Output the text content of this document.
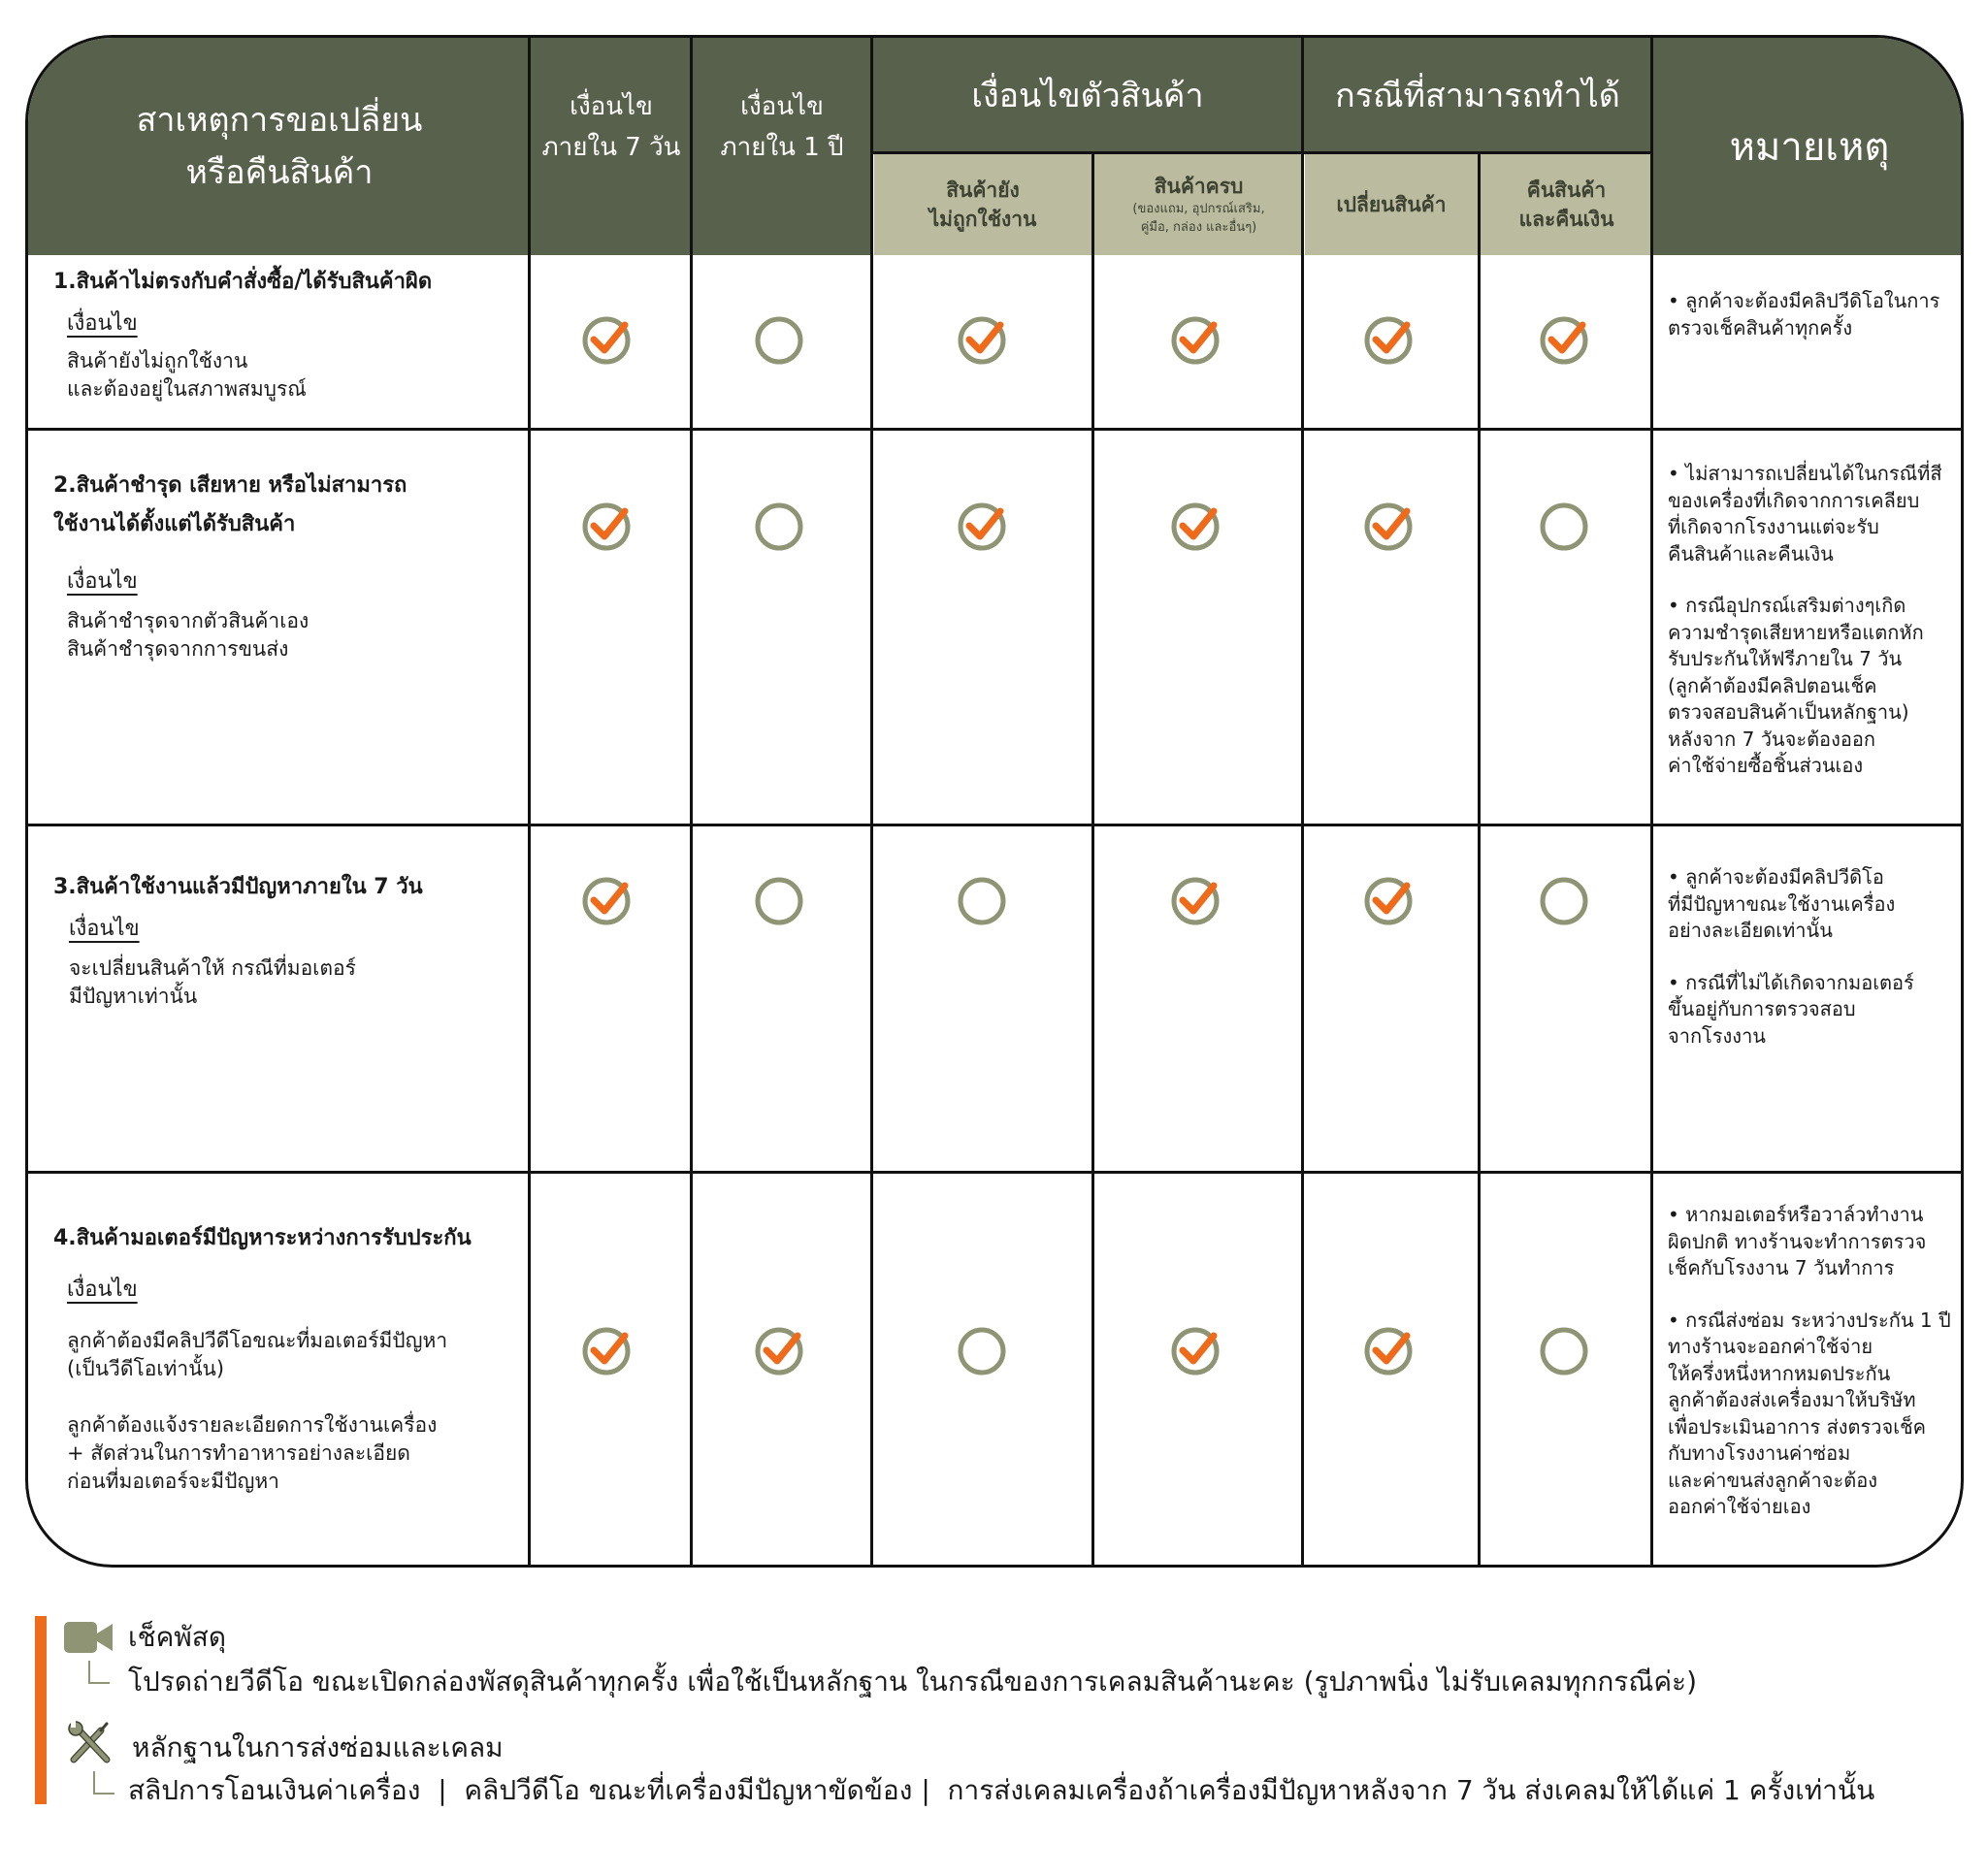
สาเหตุการขอเปลี่ยน
หรือคืนสินค้า
เงื่อนไข
ภายใน 7 วัน
เงื่อนไข
ภายใน 1 ปี
เงื่อนไขตัวสินค้า	กรณีที่สามารถทำได้
หมายเหตุ
สินค้ายัง
ไม่ถูกใช้งาน
สินค้าครบ
(ของแถม, อุปกรณ์เสริม,
คู่มือ, กล่อง และอื่นๆ)
เปลี่ยนสินค้า
คืนสินค้า
และคืนเงิน
1.สินค้าไม่ตรงกับคำสั่งซื้อ/ได้รับสินค้าผิด
เงื่อนไข
สินค้ายังไม่ถูกใช้งาน
และต้องอยู่ในสภาพสมบูรณ์
• ลูกค้าจะต้องมีคลิปวีดิโอในการ
ตรวจเช็คสินค้าทุกครั้ง
2.สินค้าชำรุด เสียหาย หรือไม่สามารถ
ใช้งานได้ตั้งแต่ได้รับสินค้า
เงื่อนไข
สินค้าชำรุดจากตัวสินค้าเอง
สินค้าชำรุดจากการขนส่ง
• ไม่สามารถเปลี่ยนได้ในกรณีที่สี
ของเครื่องที่เกิดจากการเคลียบ
ที่เกิดจากโรงงานแต่จะรับ
คืนสินค้าและคืนเงิน
• กรณีอุปกรณ์เสริมต่างๆเกิด
ความชำรุดเสียหายหรือแตกหัก
รับประกันให้ฟรีภายใน 7 วัน
(ลูกค้าต้องมีคลิปตอนเช็ค
ตรวจสอบสินค้าเป็นหลักฐาน)
หลังจาก 7 วันจะต้องออก
ค่าใช้จ่ายซื้อชิ้นส่วนเอง
3.สินค้าใช้งานแล้วมีปัญหาภายใน 7 วัน
เงื่อนไข
จะเปลี่ยนสินค้าให้ กรณีที่มอเตอร์
มีปัญหาเท่านั้น
• ลูกค้าจะต้องมีคลิปวีดิโอ
ที่มีปัญหาขณะใช้งานเครื่อง
อย่างละเอียดเท่านั้น
• กรณีที่ไม่ได้เกิดจากมอเตอร์
ขึ้นอยู่กับการตรวจสอบ
จากโรงงาน
4.สินค้ามอเตอร์มีปัญหาระหว่างการรับประกัน
เงื่อนไข
ลูกค้าต้องมีคลิปวีดีโอขณะที่มอเตอร์มีปัญหา
(เป็นวีดีโอเท่านั้น)
ลูกค้าต้องแจ้งรายละเอียดการใช้งานเครื่อง
+ สัดส่วนในการทำอาหารอย่างละเอียด
ก่อนที่มอเตอร์จะมีปัญหา
• หากมอเตอร์หรือวาล์วทำงาน
ผิดปกติ ทางร้านจะทำการตรวจ
เช็คกับโรงงาน 7 วันทำการ
• กรณีส่งซ่อม ระหว่างประกัน 1 ปี
ทางร้านจะออกค่าใช้จ่าย
ให้ครึ่งหนึ่งหากหมดประกัน
ลูกค้าต้องส่งเครื่องมาให้บริษัท
เพื่อประเมินอาการ ส่งตรวจเช็ค
กับทางโรงงานค่าซ่อม
และค่าขนส่งลูกค้าจะต้อง
ออกค่าใช้จ่ายเอง
เช็คพัสดุ
โปรดถ่ายวีดีโอ ขณะเปิดกล่องพัสดุสินค้าทุกครั้ง เพื่อใช้เป็นหลักฐาน ในกรณีของการเคลมสินค้านะคะ (รูปภาพนิ่ง ไม่รับเคลมทุกกรณีค่ะ)
หลักฐานในการส่งซ่อมและเคลม
สลิปการโอนเงินค่าเครื่อง  |  คลิปวีดีโอ ขณะที่เครื่องมีปัญหาขัดข้อง |  การส่งเคลมเครื่องถ้าเครื่องมีปัญหาหลังจาก 7 วัน ส่งเคลมให้ได้แค่ 1 ครั้งเท่านั้น
